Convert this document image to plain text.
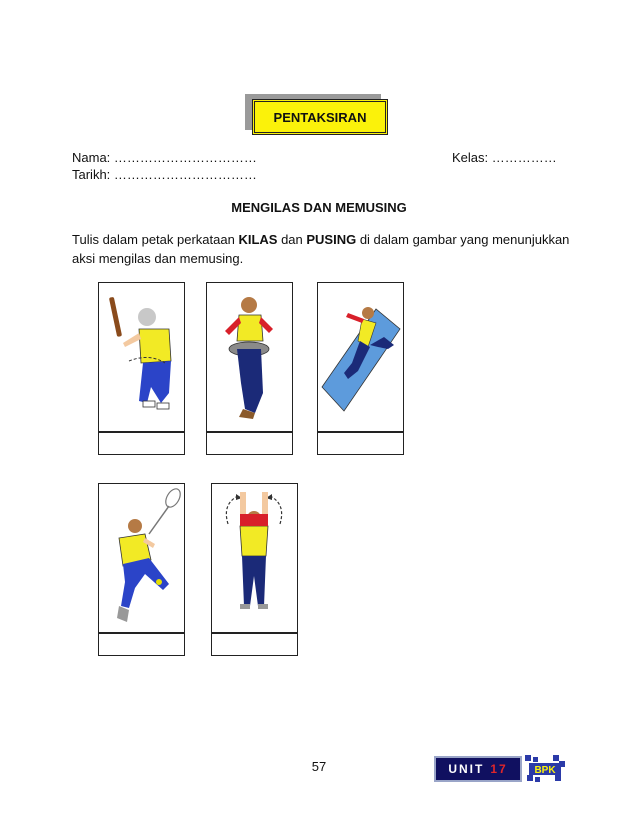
PENTAKSIRAN
Nama: ……………………………	Kelas: ……………
Tarikh: ……………………………
MENGILAS DAN MEMUSING
Tulis dalam petak perkataan KILAS dan PUSING di dalam gambar yang menunjukkan aksi mengilas dan memusing.
57	UNIT 17	BPK
